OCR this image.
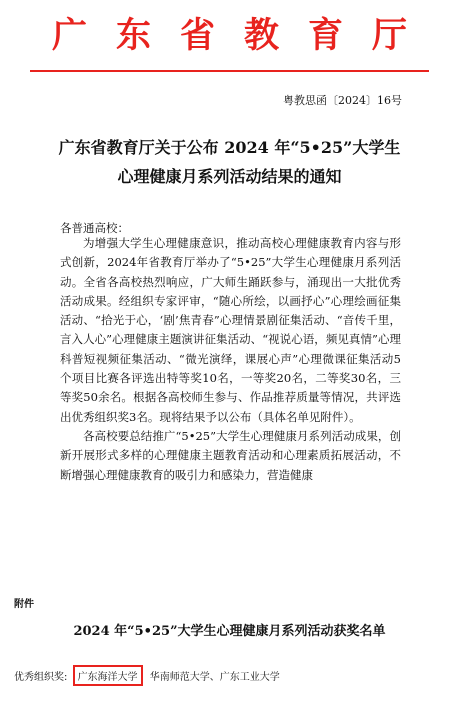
广东省教育厅
粤教思函〔2024〕16号
广东省教育厅关于公布 2024 年“5•25”大学生
心理健康月系列活动结果的通知
各普通高校：

为增强大学生心理健康意识，推动高校心理健康教育内容与形式创新，2024年省教育厅举办了“5•25”大学生心理健康月系列活动。全省各高校热烈响应，广大师生踊跃参与，涌现出一大批优秀活动成果。经组织专家评审，“随心所绘，以画抒心”心理绘画征集活动、“拾光于心，‘剧’焦青春”心理情景剧征集活动、“音传千里，言入人心”心理健康主题演讲征集活动、“视说心语，频见真情”心理科普短视频征集活动、“微光演绎，课展心声”心理微课征集活动5个项目比赛各评选出特等奖10名，一等奖20名，二等奖30名，三等奖50余名。根据各高校师生参与、作品推荐质量等情况，共评选出优秀组织奖3名。现将结果予以公布（具体名单见附件）。

各高校要总结推广“5•25”大学生心理健康月系列活动成果，创新开展形式多样的心理健康主题教育活动和心理素质拓展活动，不断增强心理健康教育的吸引力和感染力，营造健康

附件
2024 年“5•25”大学生心理健康月系列活动获奖名单
优秀组织奖: 广东海洋大学 华南师范大学、广东工业大学
